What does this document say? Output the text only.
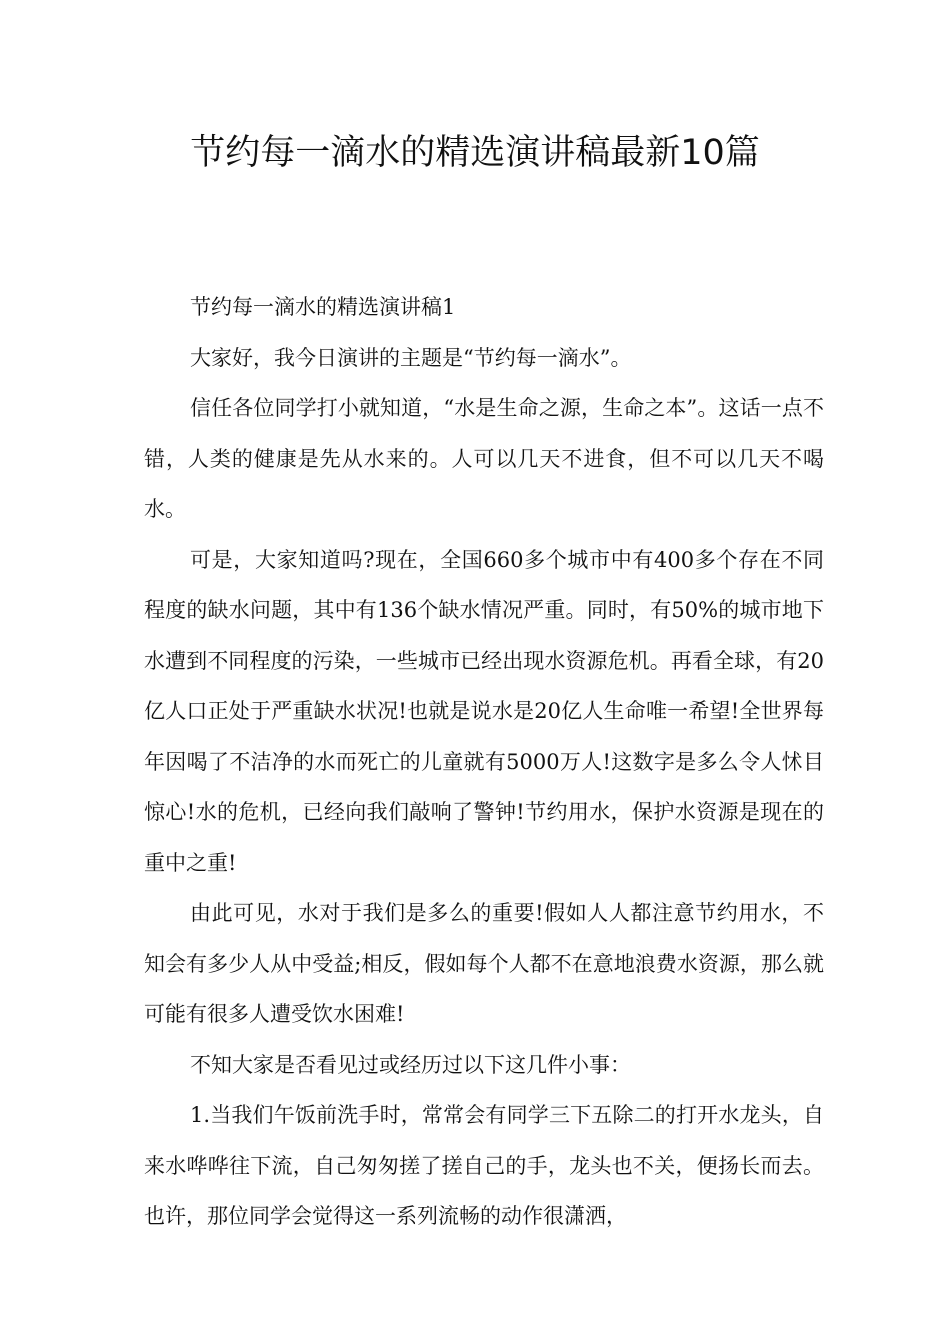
节约每一滴水的精选演讲稿最新10篇

节约每一滴水的精选演讲稿1

大家好，我今日演讲的主题是“节约每一滴水”。

信任各位同学打小就知道，“水是生命之源，生命之本”。这话一点不错，人类的健康是先从水来的。人可以几天不进食，但不可以几天不喝水。

可是，大家知道吗?现在，全国660多个城市中有400多个存在不同程度的缺水问题，其中有136个缺水情况严重。同时，有50%的城市地下水遭到不同程度的污染，一些城市已经出现水资源危机。再看全球，有20亿人口正处于严重缺水状况!也就是说水是20亿人生命唯一希望!全世界每年因喝了不洁净的水而死亡的儿童就有5000万人!这数字是多么令人怵目惊心!水的危机，已经向我们敲响了警钟!节约用水，保护水资源是现在的重中之重!

由此可见，水对于我们是多么的重要!假如人人都注意节约用水，不知会有多少人从中受益;相反，假如每个人都不在意地浪费水资源，那么就可能有很多人遭受饮水困难!

不知大家是否看见过或经历过以下这几件小事：

1.当我们午饭前洗手时，常常会有同学三下五除二的打开水龙头，自来水哗哗往下流，自己匆匆搓了搓自己的手，龙头也不关，便扬长而去。也许，那位同学会觉得这一系列流畅的动作很潇洒，
